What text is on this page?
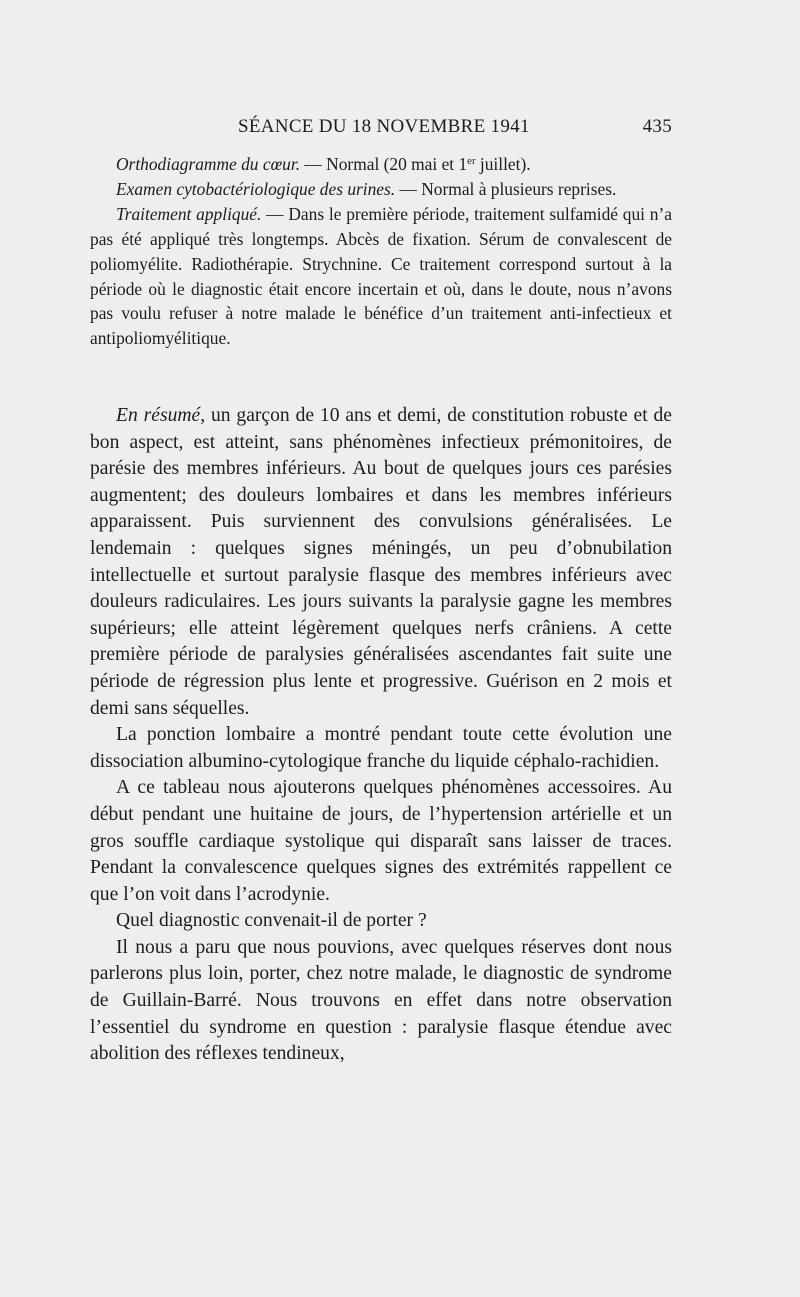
SÉANCE DU 18 NOVEMBRE 1941	435

Orthodiagramme du cœur. — Normal (20 mai et 1er juillet).

Examen cytobactériologique des urines. — Normal à plusieurs reprises.

Traitement appliqué. — Dans le première période, traitement sulfamidé qui n’a pas été appliqué très longtemps. Abcès de fixation. Sérum de convalescent de poliomyélite. Radiothérapie. Strychnine. Ce traitement correspond surtout à la période où le diagnostic était encore incertain et où, dans le doute, nous n’avons pas voulu refuser à notre malade le bénéfice d’un traitement anti-infectieux et antipoliomyélitique.

En résumé, un garçon de 10 ans et demi, de constitution robuste et de bon aspect, est atteint, sans phénomènes infectieux prémonitoires, de parésie des membres inférieurs. Au bout de quelques jours ces parésies augmentent; des douleurs lombaires et dans les membres inférieurs apparaissent. Puis surviennent des convulsions généralisées. Le lendemain : quelques signes méningés, un peu d’obnubilation intellectuelle et surtout paralysie flasque des membres inférieurs avec douleurs radiculaires. Les jours suivants la paralysie gagne les membres supérieurs; elle atteint légèrement quelques nerfs crâniens. A cette première période de paralysies généralisées ascendantes fait suite une période de régression plus lente et progressive. Guérison en 2 mois et demi sans séquelles.

La ponction lombaire a montré pendant toute cette évolution une dissociation albumino-cytologique franche du liquide céphalo-rachidien.

A ce tableau nous ajouterons quelques phénomènes accessoires. Au début pendant une huitaine de jours, de l’hypertension artérielle et un gros souffle cardiaque systolique qui disparaît sans laisser de traces. Pendant la convalescence quelques signes des extrémités rappellent ce que l’on voit dans l’acrodynie.

Quel diagnostic convenait-il de porter ?

Il nous a paru que nous pouvions, avec quelques réserves dont nous parlerons plus loin, porter, chez notre malade, le diagnostic de syndrome de Guillain-Barré. Nous trouvons en effet dans notre observation l’essentiel du syndrome en question : paralysie flasque étendue avec abolition des réflexes tendineux,
